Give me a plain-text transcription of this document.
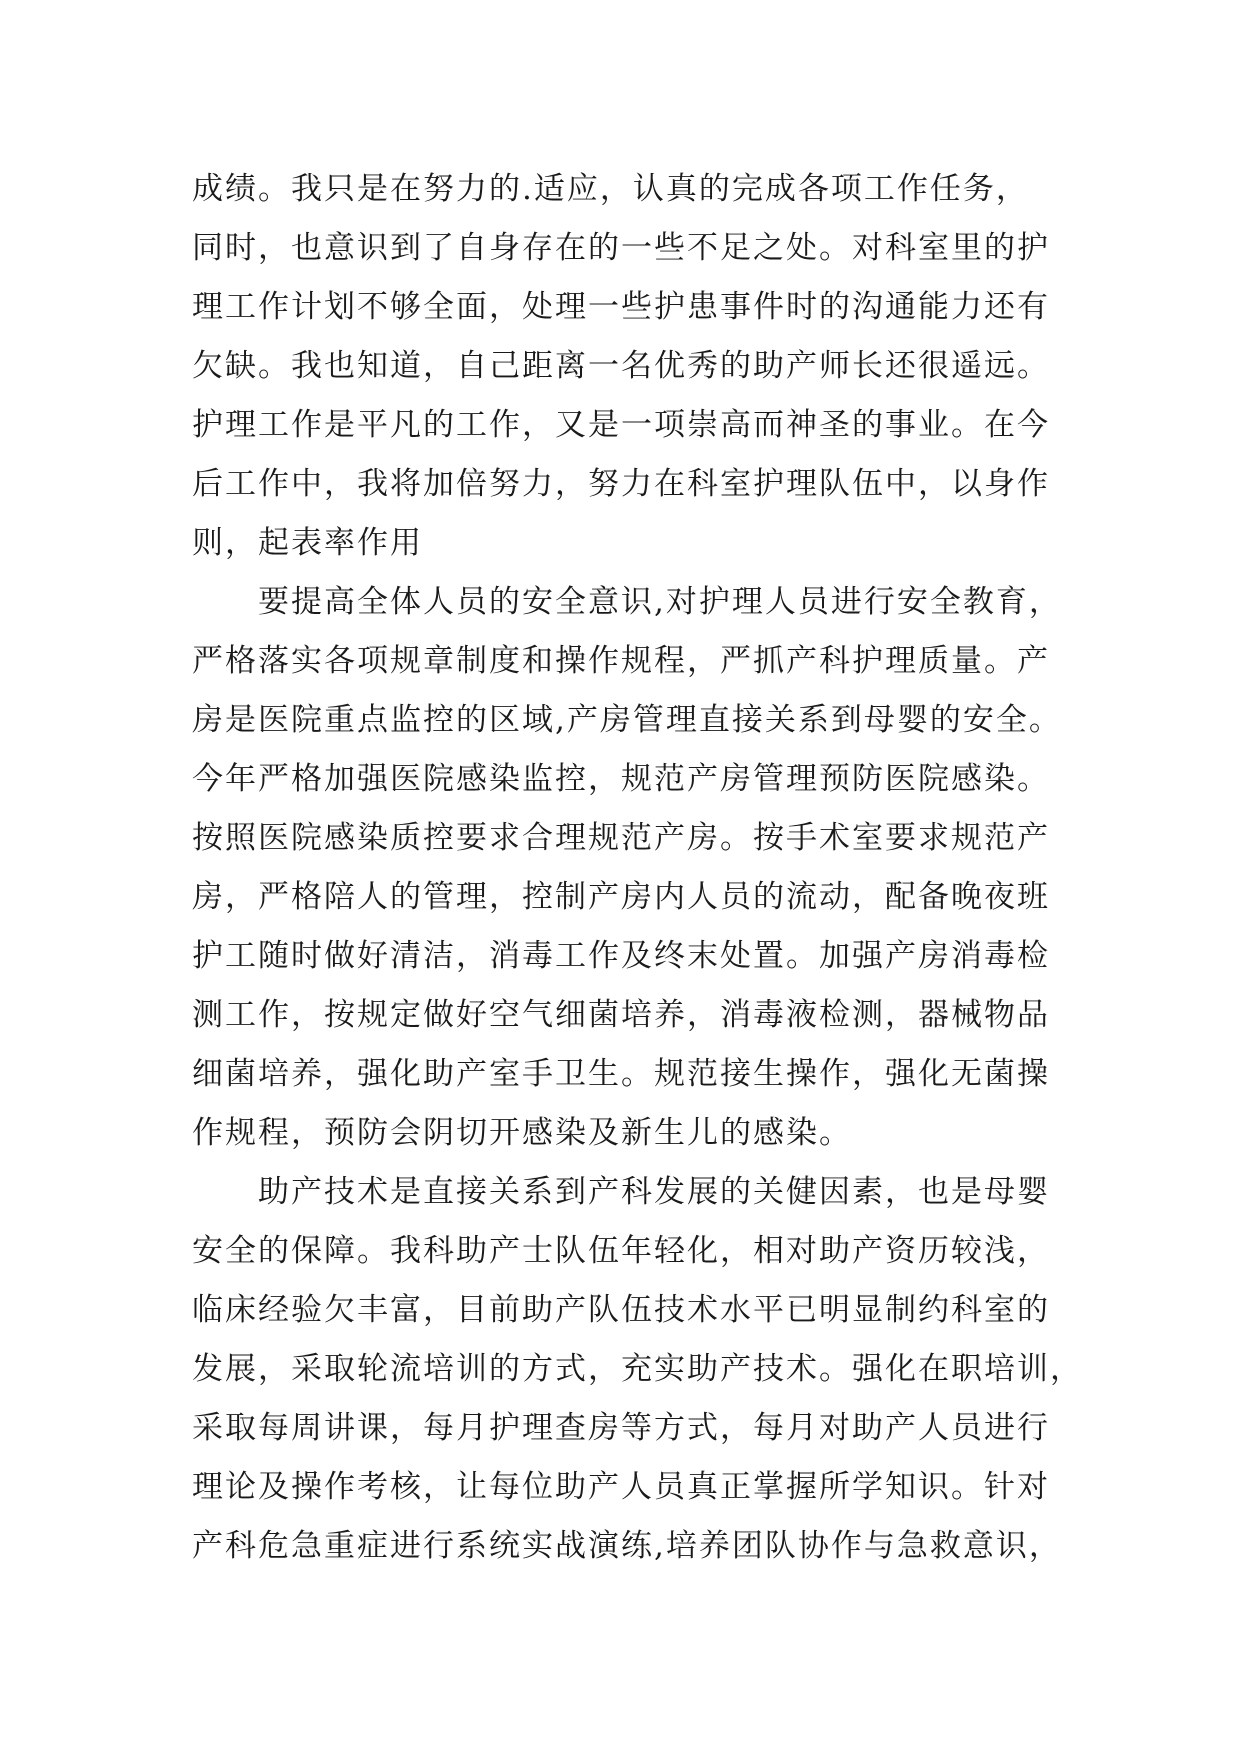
成绩。我只是在努力的.适应，认真的完成各项工作任务，
同时，也意识到了自身存在的一些不足之处。对科室里的护
理工作计划不够全面，处理一些护患事件时的沟通能力还有
欠缺。我也知道，自己距离一名优秀的助产师长还很遥远。
护理工作是平凡的工作，又是一项崇高而神圣的事业。在今
后工作中，我将加倍努力，努力在科室护理队伍中，以身作
则，起表率作用
　　要提高全体人员的安全意识,对护理人员进行安全教育，
严格落实各项规章制度和操作规程，严抓产科护理质量。产
房是医院重点监控的区域,产房管理直接关系到母婴的安全。
今年严格加强医院感染监控，规范产房管理预防医院感染。
按照医院感染质控要求合理规范产房。按手术室要求规范产
房，严格陪人的管理，控制产房内人员的流动，配备晚夜班
护工随时做好清洁，消毒工作及终末处置。加强产房消毒检
测工作，按规定做好空气细菌培养，消毒液检测，器械物品
细菌培养，强化助产室手卫生。规范接生操作，强化无菌操
作规程，预防会阴切开感染及新生儿的感染。
　　助产技术是直接关系到产科发展的关健因素，也是母婴
安全的保障。我科助产士队伍年轻化，相对助产资历较浅，
临床经验欠丰富，目前助产队伍技术水平已明显制约科室的
发展，采取轮流培训的方式，充实助产技术。强化在职培训，
采取每周讲课，每月护理查房等方式，每月对助产人员进行
理论及操作考核，让每位助产人员真正掌握所学知识。针对
产科危急重症进行系统实战演练,培养团队协作与急救意识，
